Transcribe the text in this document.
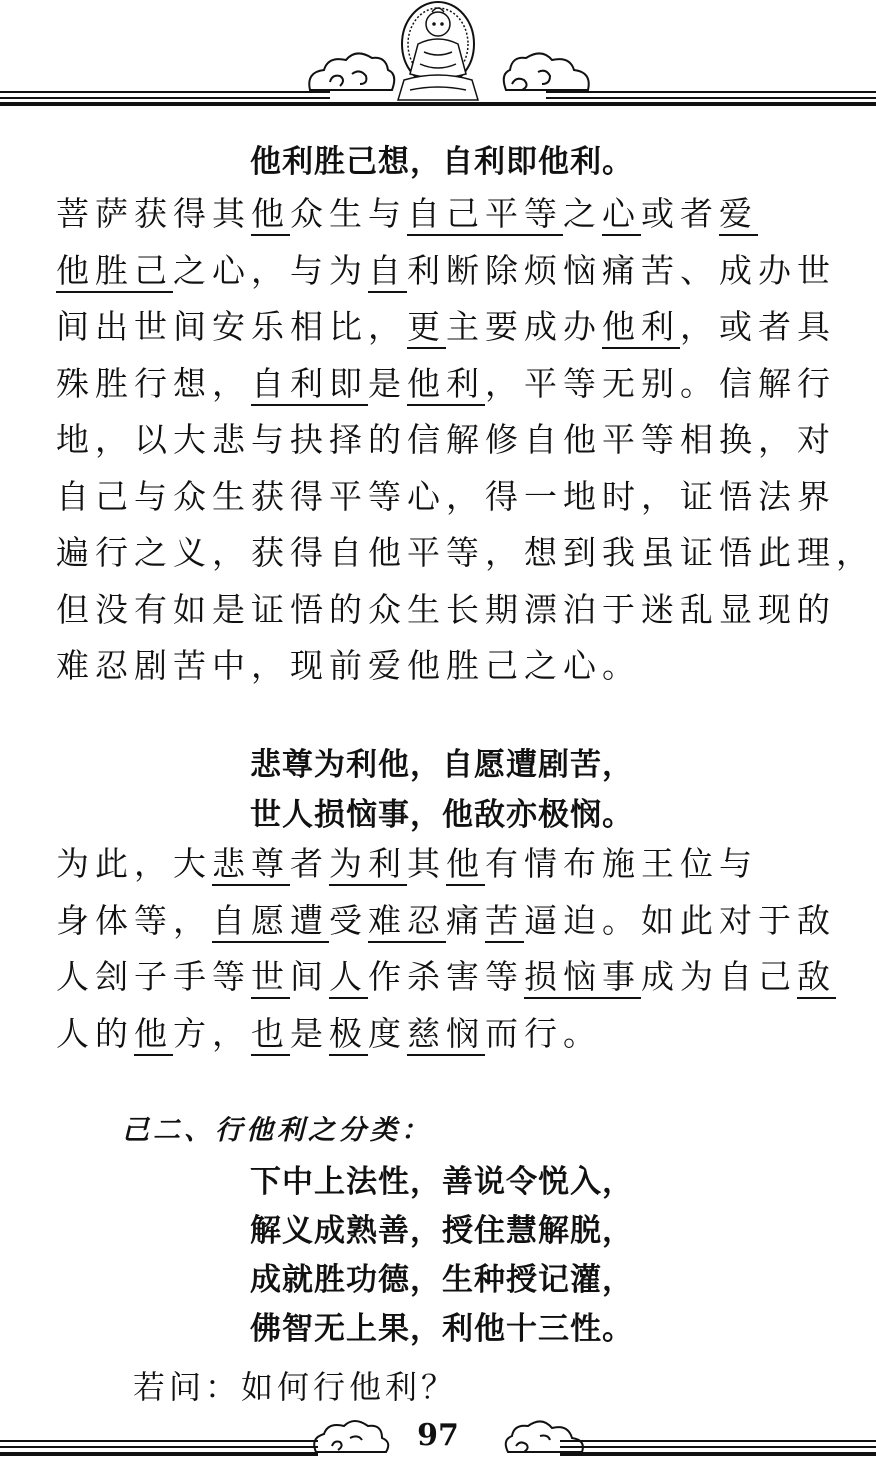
他利胜己想，自利即他利。
菩萨获得其他众生与自己平等之心或者爱
他胜己之心，与为自利断除烦恼痛苦、成办世
间出世间安乐相比，更主要成办他利，或者具
殊胜行想，自利即是他利，平等无别。信解行
地，以大悲与抉择的信解修自他平等相换，对
自己与众生获得平等心，得一地时，证悟法界
遍行之义，获得自他平等，想到我虽证悟此理，
但没有如是证悟的众生长期漂泊于迷乱显现的
难忍剧苦中，现前爱他胜己之心。
悲尊为利他，自愿遭剧苦，
世人损恼事，他敌亦极悯。
为此，大悲尊者为利其他有情布施王位与
身体等，自愿遭受难忍痛苦逼迫。如此对于敌
人刽子手等世间人作杀害等损恼事成为自己敌
人的他方，也是极度慈悯而行。
己二、行他利之分类：
下中上法性，善说令悦入，
解义成熟善，授住慧解脱，
成就胜功德，生种授记灌，
佛智无上果，利他十三性。
若问：如何行他利？
97
